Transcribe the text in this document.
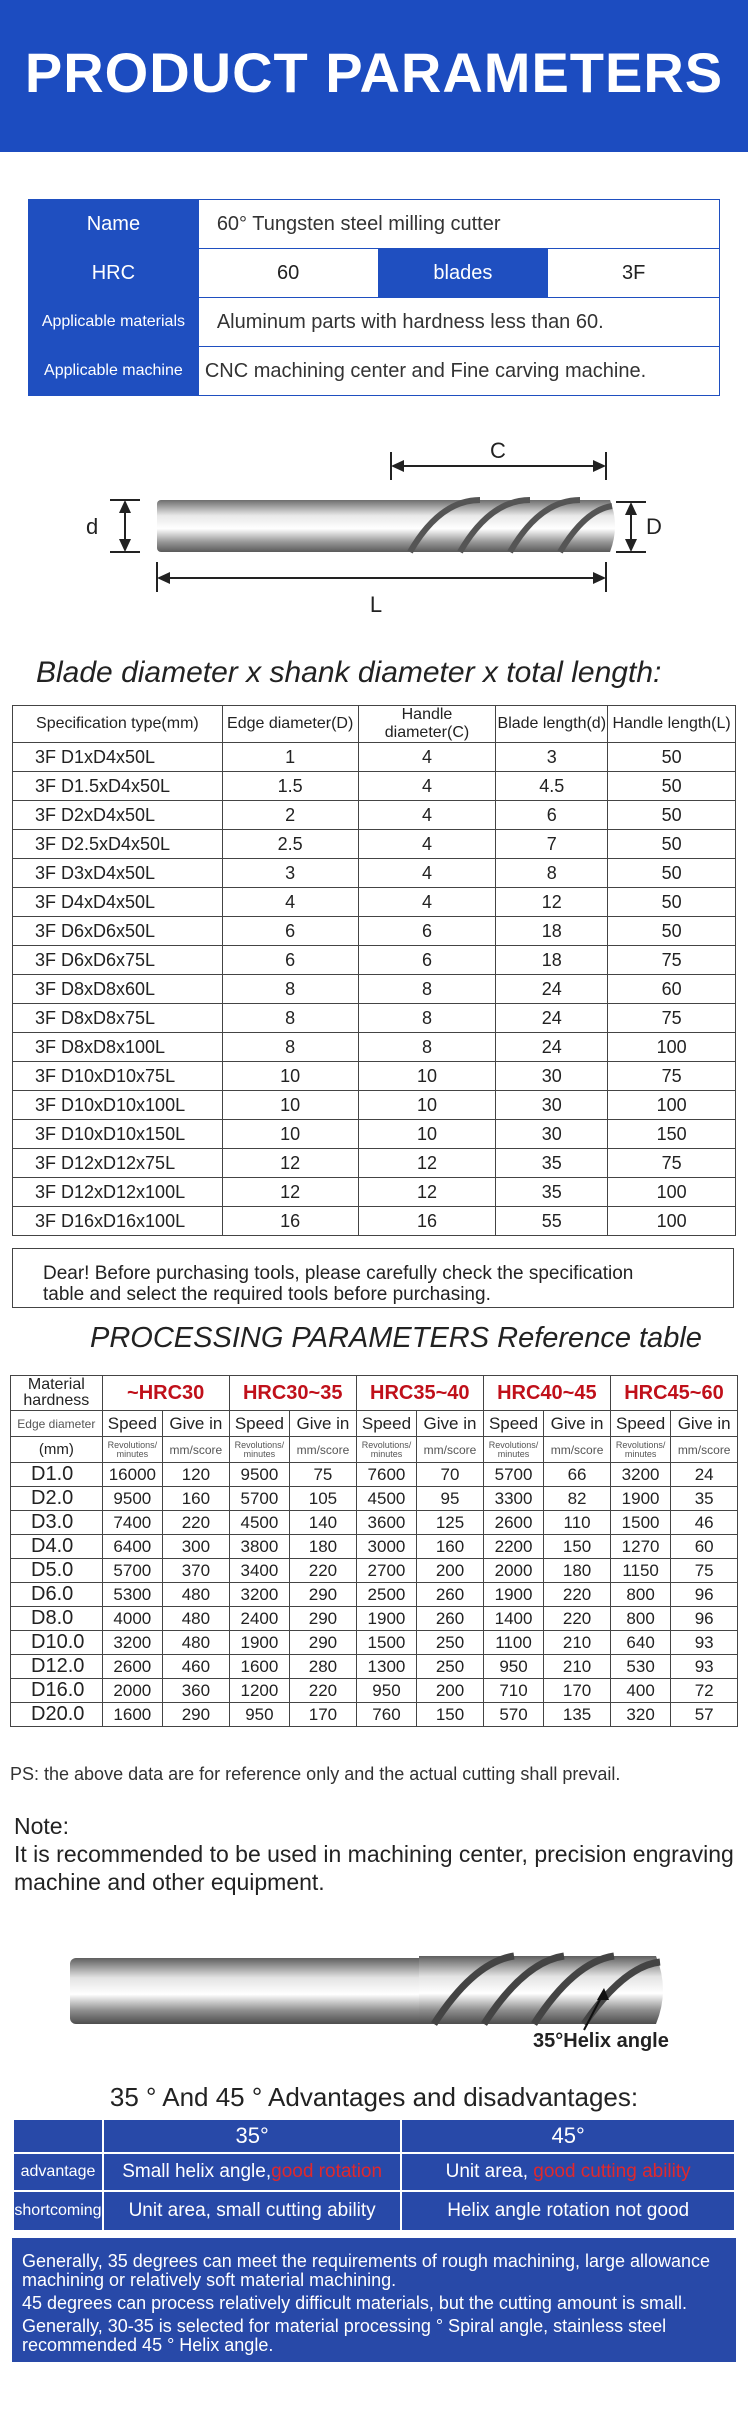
PRODUCT PARAMETERS
Name	60° Tungsten steel milling cutter		
HRC	60	blades	3F
Applicable materials	Aluminum parts with hardness less than 60.		
Applicable machine	CNC machining center and Fine carving machine.		
C
d	D
L
Blade diameter x shank diameter x total length:
Specification type(mm)	Edge diameter(D)	Handle diameter(C)	Blade length(d)	Handle length(L)
3F D1xD4x50L	1	4	3	50
3F D1.5xD4x50L	1.5	4	4.5	50
3F D2xD4x50L	2	4	6	50
3F D2.5xD4x50L	2.5	4	7	50
3F D3xD4x50L	3	4	8	50
3F D4xD4x50L	4	4	12	50
3F D6xD6x50L	6	6	18	50
3F D6xD6x75L	6	6	18	75
3F D8xD8x60L	8	8	24	60
3F D8xD8x75L	8	8	24	75
3F D8xD8x100L	8	8	24	100
3F D10xD10x75L	10	10	30	75
3F D10xD10x100L	10	10	30	100
3F D10xD10x150L	10	10	30	150
3F D12xD12x75L	12	12	35	75
3F D12xD12x100L	12	12	35	100
3F D16xD16x100L	16	16	55	100
Dear! Before purchasing tools, please carefully check the specification
table and select the required tools before purchasing.
PROCESSING PARAMETERS Reference table
Material hardness	~HRC30		HRC30~35		HRC35~40		HRC40~45		HRC45~60	
Edge diameter	Speed	Give in	Speed	Give in	Speed	Give in	Speed	Give in	Speed	Give in
(mm)	Revolutions/ minutes	mm/score	Revolutions/ minutes	mm/score	Revolutions/ minutes	mm/score	Revolutions/ minutes	mm/score	Revolutions/ minutes	mm/score
D1.0	16000	120	9500	75	7600	70	5700	66	3200	24
D2.0	9500	160	5700	105	4500	95	3300	82	1900	35
D3.0	7400	220	4500	140	3600	125	2600	110	1500	46
D4.0	6400	300	3800	180	3000	160	2200	150	1270	60
D5.0	5700	370	3400	220	2700	200	2000	180	1150	75
D6.0	5300	480	3200	290	2500	260	1900	220	800	96
D8.0	4000	480	2400	290	1900	260	1400	220	800	96
D10.0	3200	480	1900	290	1500	250	1100	210	640	93
D12.0	2600	460	1600	280	1300	250	950	210	530	93
D16.0	2000	360	1200	220	950	200	710	170	400	72
D20.0	1600	290	950	170	760	150	570	135	320	57
PS: the above data are for reference only and the actual cutting shall prevail.
Note:
It is recommended to be used in machining center, precision engraving machine and other equipment.
35°Helix angle
35 ° And 45 ° Advantages and disadvantages:
	35°	45°
advantage	Small helix angle,good rotation	Unit area, good cutting ability
shortcoming	Unit area, small cutting ability	Helix angle rotation not good

Generally, 35 degrees can meet the requirements of rough machining, large allowance machining or relatively soft material machining.

45 degrees can process relatively difficult materials, but the cutting amount is small.

Generally, 30-35 is selected for material processing ° Spiral angle, stainless steel recommended 45 ° Helix angle.
